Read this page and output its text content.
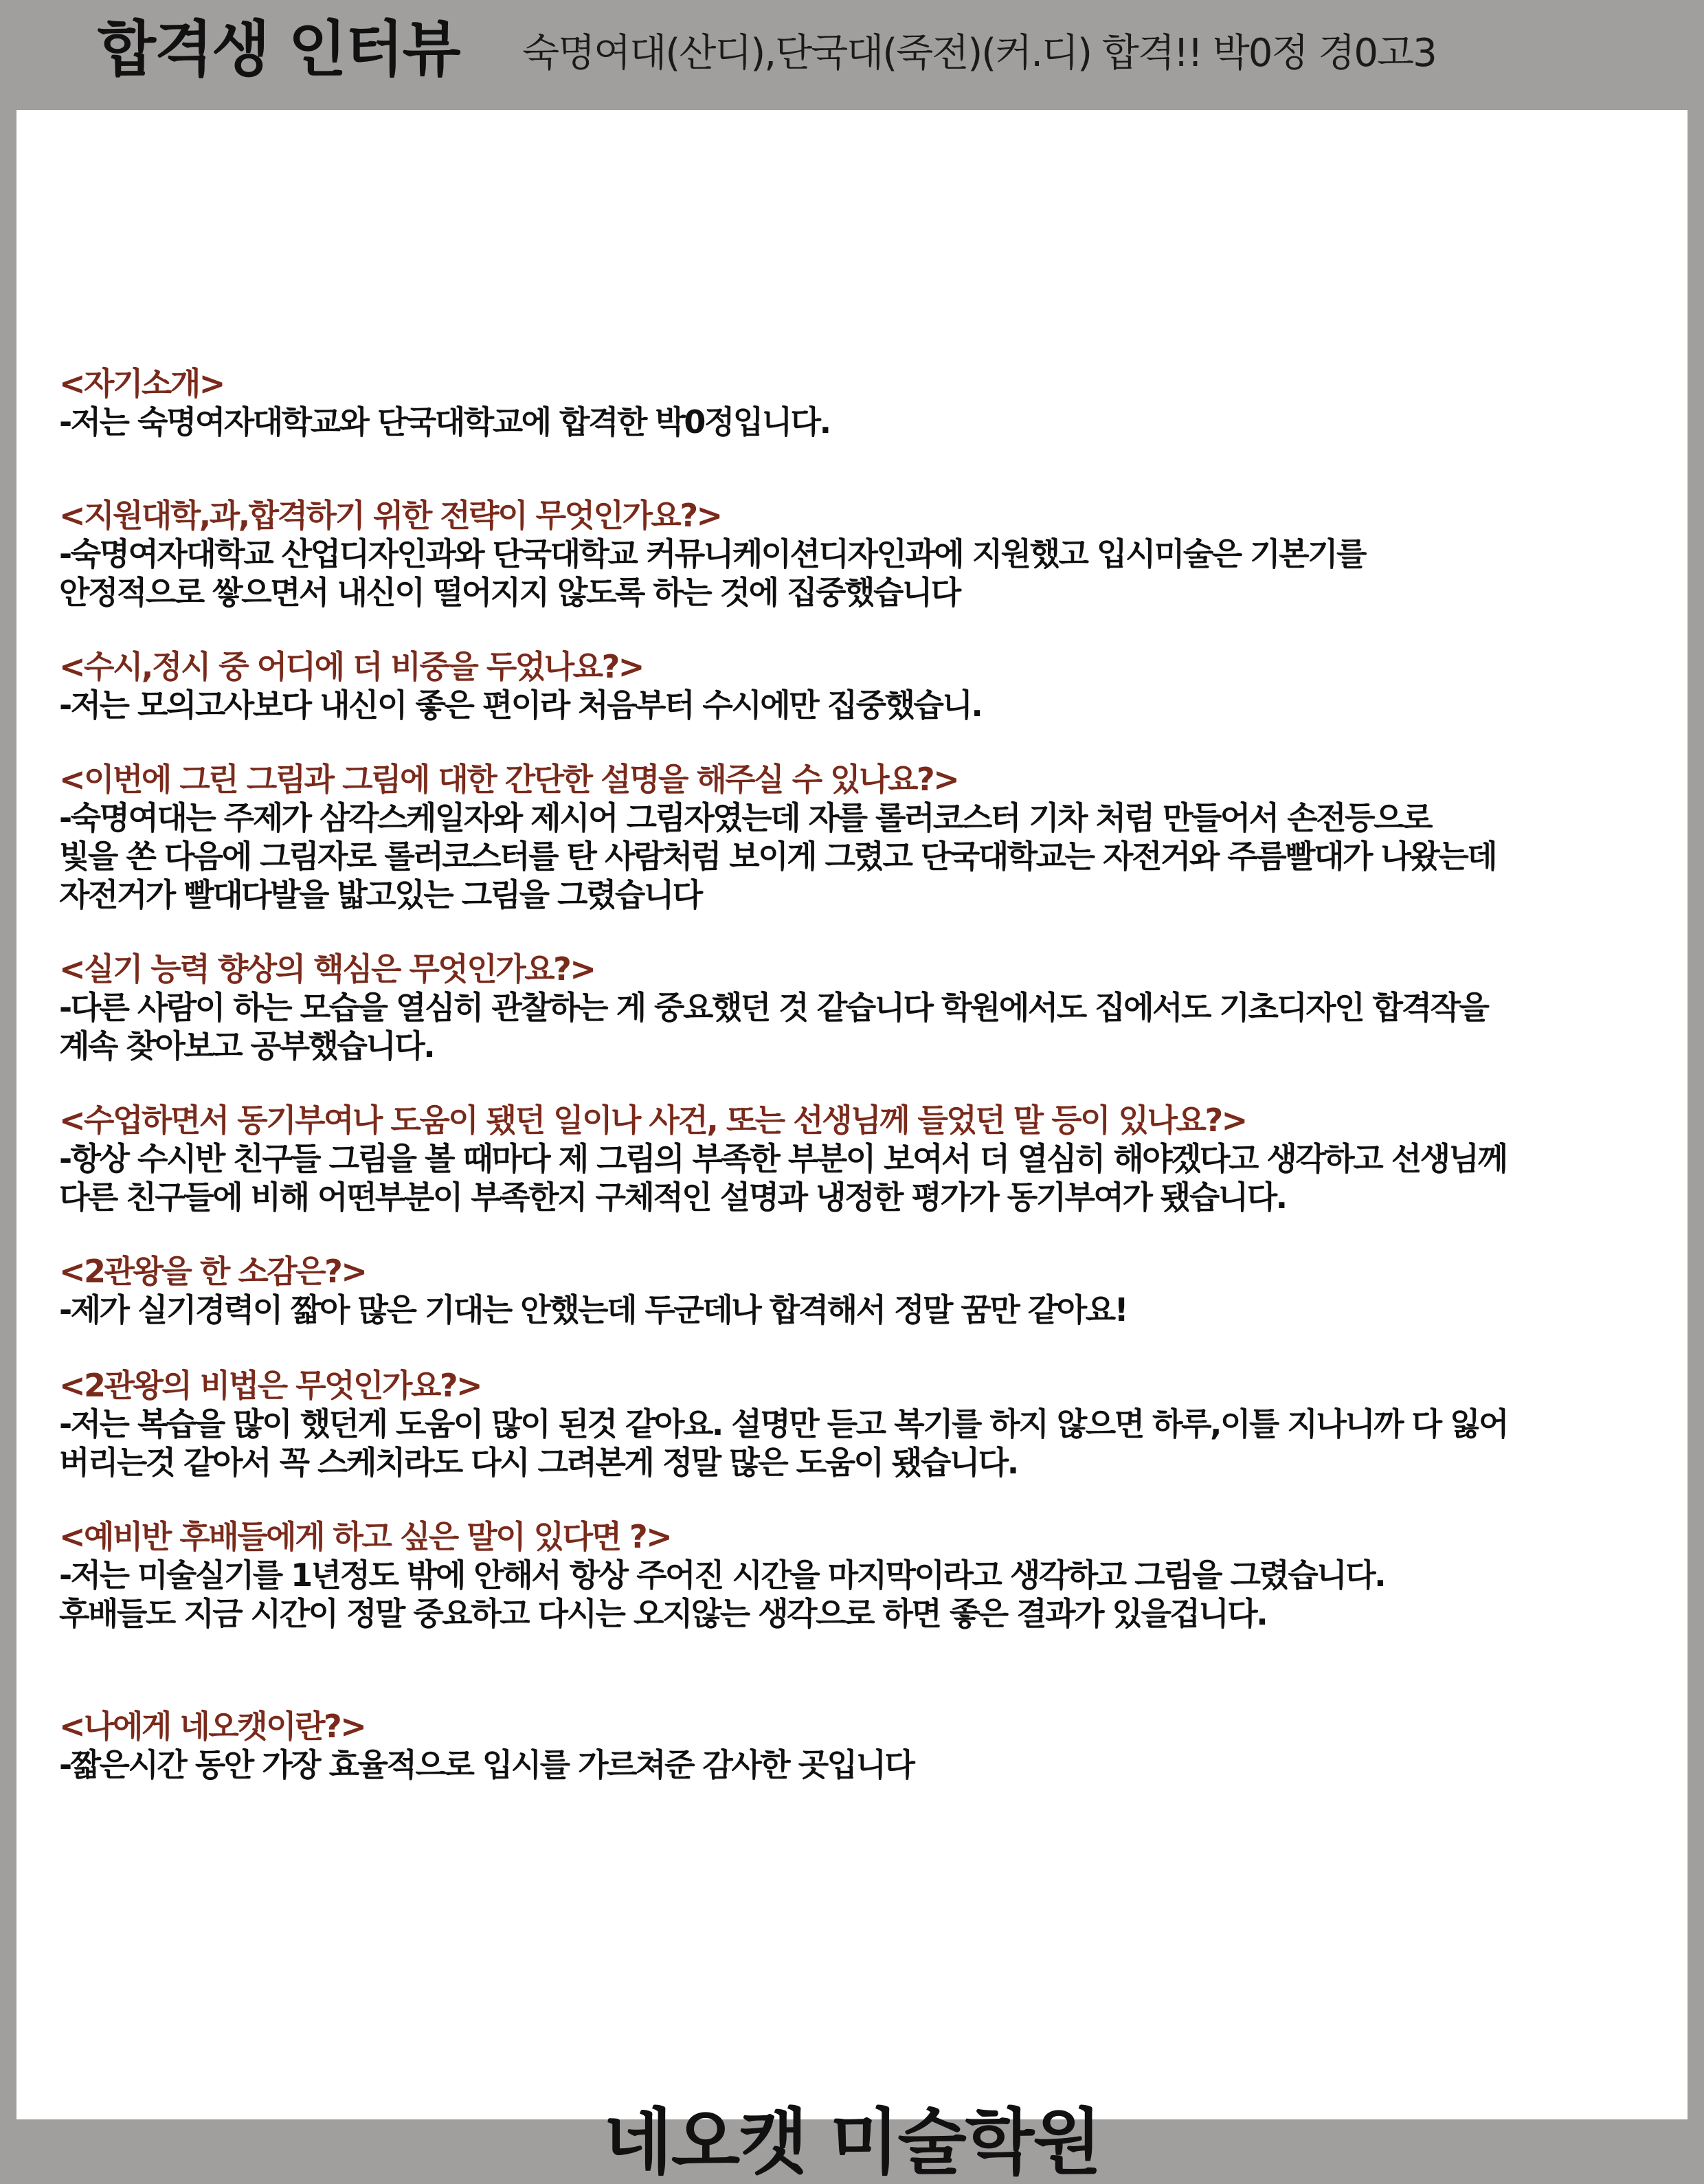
합격생 인터뷰 숙명여대(산디),단국대(죽전)(커.디) 합격!! 박0정 경0고3
<자기소개>
-저는 숙명여자대학교와 단국대학교에 합격한 박0정입니다.
<지원대학,과,합격하기 위한 전략이 무엇인가요?>
-숙명여자대학교 산업디자인과와 단국대학교 커뮤니케이션디자인과에 지원했고 입시미술은 기본기를
안정적으로 쌓으면서 내신이 떨어지지 않도록 하는 것에 집중했습니다
<수시,정시 중 어디에 더 비중을 두었나요?>
-저는 모의고사보다 내신이 좋은 편이라 처음부터 수시에만 집중했습니.
<이번에 그린 그림과 그림에 대한 간단한 설명을 해주실 수 있나요?>
-숙명여대는 주제가 삼각스케일자와 제시어 그림자였는데 자를 롤러코스터 기차 처럼 만들어서 손전등으로
빛을 쏜 다음에 그림자로 롤러코스터를 탄 사람처럼 보이게 그렸고 단국대학교는 자전거와 주름빨대가 나왔는데
자전거가 빨대다발을 밟고있는 그림을 그렸습니다
<실기 능력 향상의 핵심은 무엇인가요?>
-다른 사람이 하는 모습을 열심히 관찰하는 게 중요했던 것 같습니다 학원에서도 집에서도 기초디자인 합격작을
계속 찾아보고 공부했습니다.
<수업하면서 동기부여나 도움이 됐던 일이나 사건, 또는 선생님께 들었던 말 등이 있나요?>
-항상 수시반 친구들 그림을 볼 때마다 제 그림의 부족한 부분이 보여서 더 열심히 해야겠다고 생각하고 선생님께
다른 친구들에 비해 어떤부분이 부족한지 구체적인 설명과 냉정한 평가가 동기부여가 됐습니다.
<2관왕을 한 소감은?>
-제가 실기경력이 짧아 많은 기대는 안했는데 두군데나 합격해서 정말 꿈만 같아요!
<2관왕의 비법은 무엇인가요?>
-저는 복습을 많이 했던게 도움이 많이 된것 같아요. 설명만 듣고 복기를 하지 않으면 하루,이틀 지나니까 다 잃어
버리는것 같아서 꼭 스케치라도 다시 그려본게 정말 많은 도움이 됐습니다.
<예비반 후배들에게 하고 싶은 말이 있다면 ?>
-저는 미술실기를 1년정도 밖에 안해서 항상 주어진 시간을 마지막이라고 생각하고 그림을 그렸습니다.
후배들도 지금 시간이 정말 중요하고 다시는 오지않는 생각으로 하면 좋은 결과가 있을겁니다.
<나에게 네오캣이란?>
-짧은시간 동안 가장 효율적으로 입시를 가르쳐준 감사한 곳입니다
네오캣 미술학원
